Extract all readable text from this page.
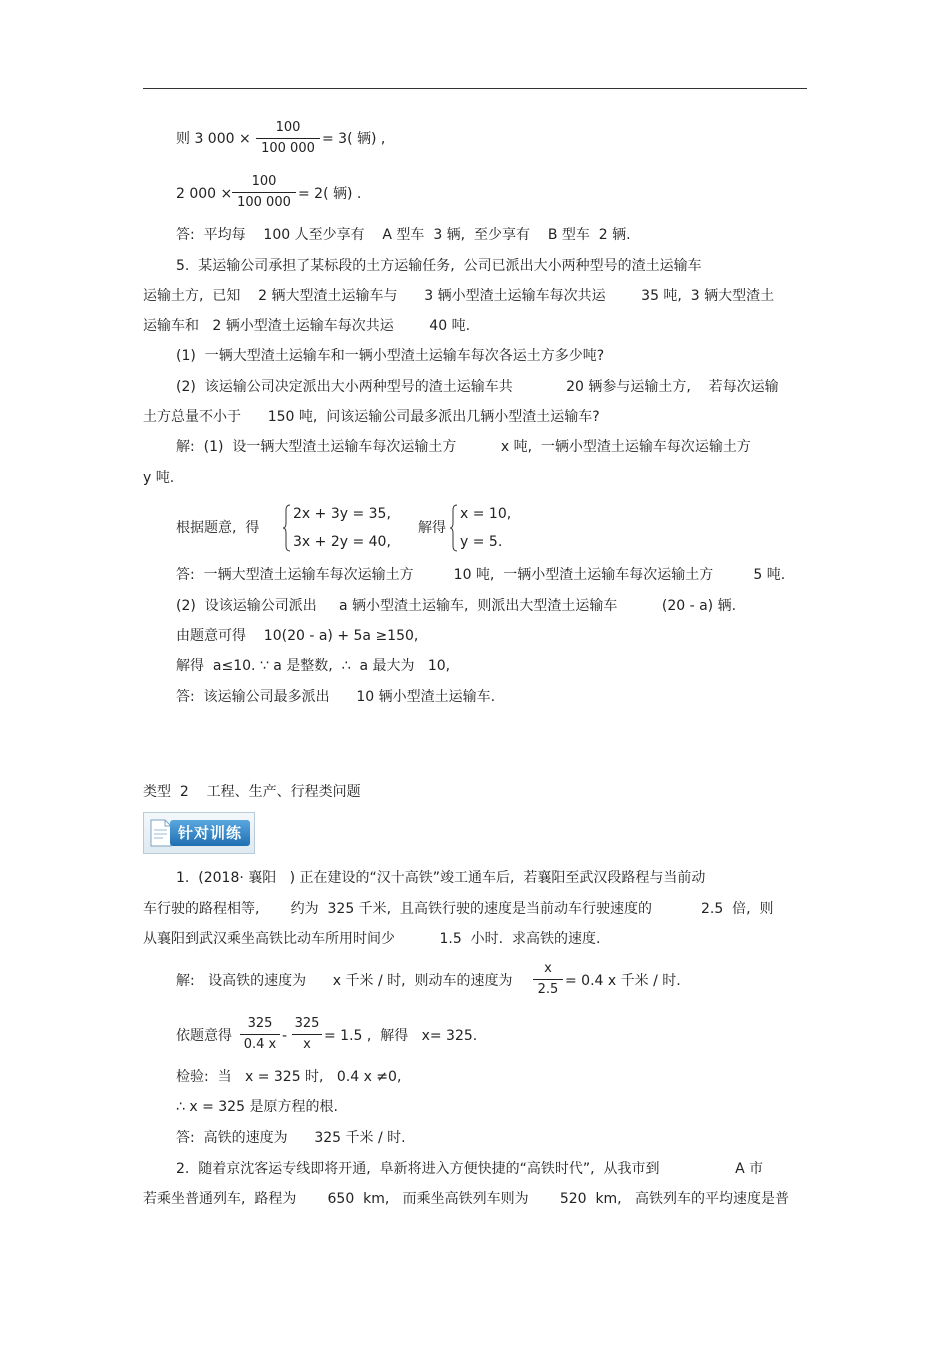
则 3 000 ×
100
100 000
= 3( 辆) ,
2 000 ×
100
100 000
= 2( 辆) .
答:  平均每    100 人至少享有    A 型车  3 辆,  至少享有    B 型车  2 辆.
5.  某运输公司承担了某标段的土方运输任务,  公司已派出大小两种型号的渣土运输车
运输土方,  已知    2 辆大型渣土运输车与      3 辆小型渣土运输车每次共运        35 吨,  3 辆大型渣土
运输车和   2 辆小型渣土运输车每次共运        40 吨.
(1)  一辆大型渣土运输车和一辆小型渣土运输车每次各运土方多少吨?
(2)  该运输公司决定派出大小两种型号的渣土运输车共            20 辆参与运输土方,    若每次运输
土方总量不小于      150 吨,  问该运输公司最多派出几辆小型渣土运输车?
解:  (1)  设一辆大型渣土运输车每次运输土方          x 吨,  一辆小型渣土运输车每次运输土方
y 吨.
根据题意,  得
2x + 3y = 35,
3x + 2y = 40,
解得
x = 10,
y = 5.
答:  一辆大型渣土运输车每次运输土方         10 吨,  一辆小型渣土运输车每次运输土方         5 吨.
(2)  设该运输公司派出     a 辆小型渣土运输车,  则派出大型渣土运输车          (20 - a) 辆.
由题意可得    10(20 - a) + 5a ≥150,
解得  a≤10. ∵ a 是整数,  ∴  a 最大为   10,
答:  该运输公司最多派出      10 辆小型渣土运输车.
类型  2    工程、生产、行程类问题
针对训练
1.  (2018· 襄阳   ) 正在建设的“汉十高铁”竣工通车后,  若襄阳至武汉段路程与当前动
车行驶的路程相等,       约为  325 千米,  且高铁行驶的速度是当前动车行驶速度的           2.5  倍,  则
从襄阳到武汉乘坐高铁比动车所用时间少          1.5  小时.  求高铁的速度.
解:   设高铁的速度为      x 千米 / 时,  则动车的速度为
x
2.5
= 0.4 x 千米 / 时.
依题意得
325
0.4 x
-
325
x
= 1.5 ,  解得   x= 325.
检验:  当   x = 325 时,   0.4 x ≠0,
∴ x = 325 是原方程的根.
答:  高铁的速度为      325 千米 / 时.
2.  随着京沈客运专线即将开通,  阜新将进入方便快捷的“高铁时代”,  从我市到                 A 市
若乘坐普通列车,  路程为       650  km,   而乘坐高铁列车则为       520  km,   高铁列车的平均速度是普
